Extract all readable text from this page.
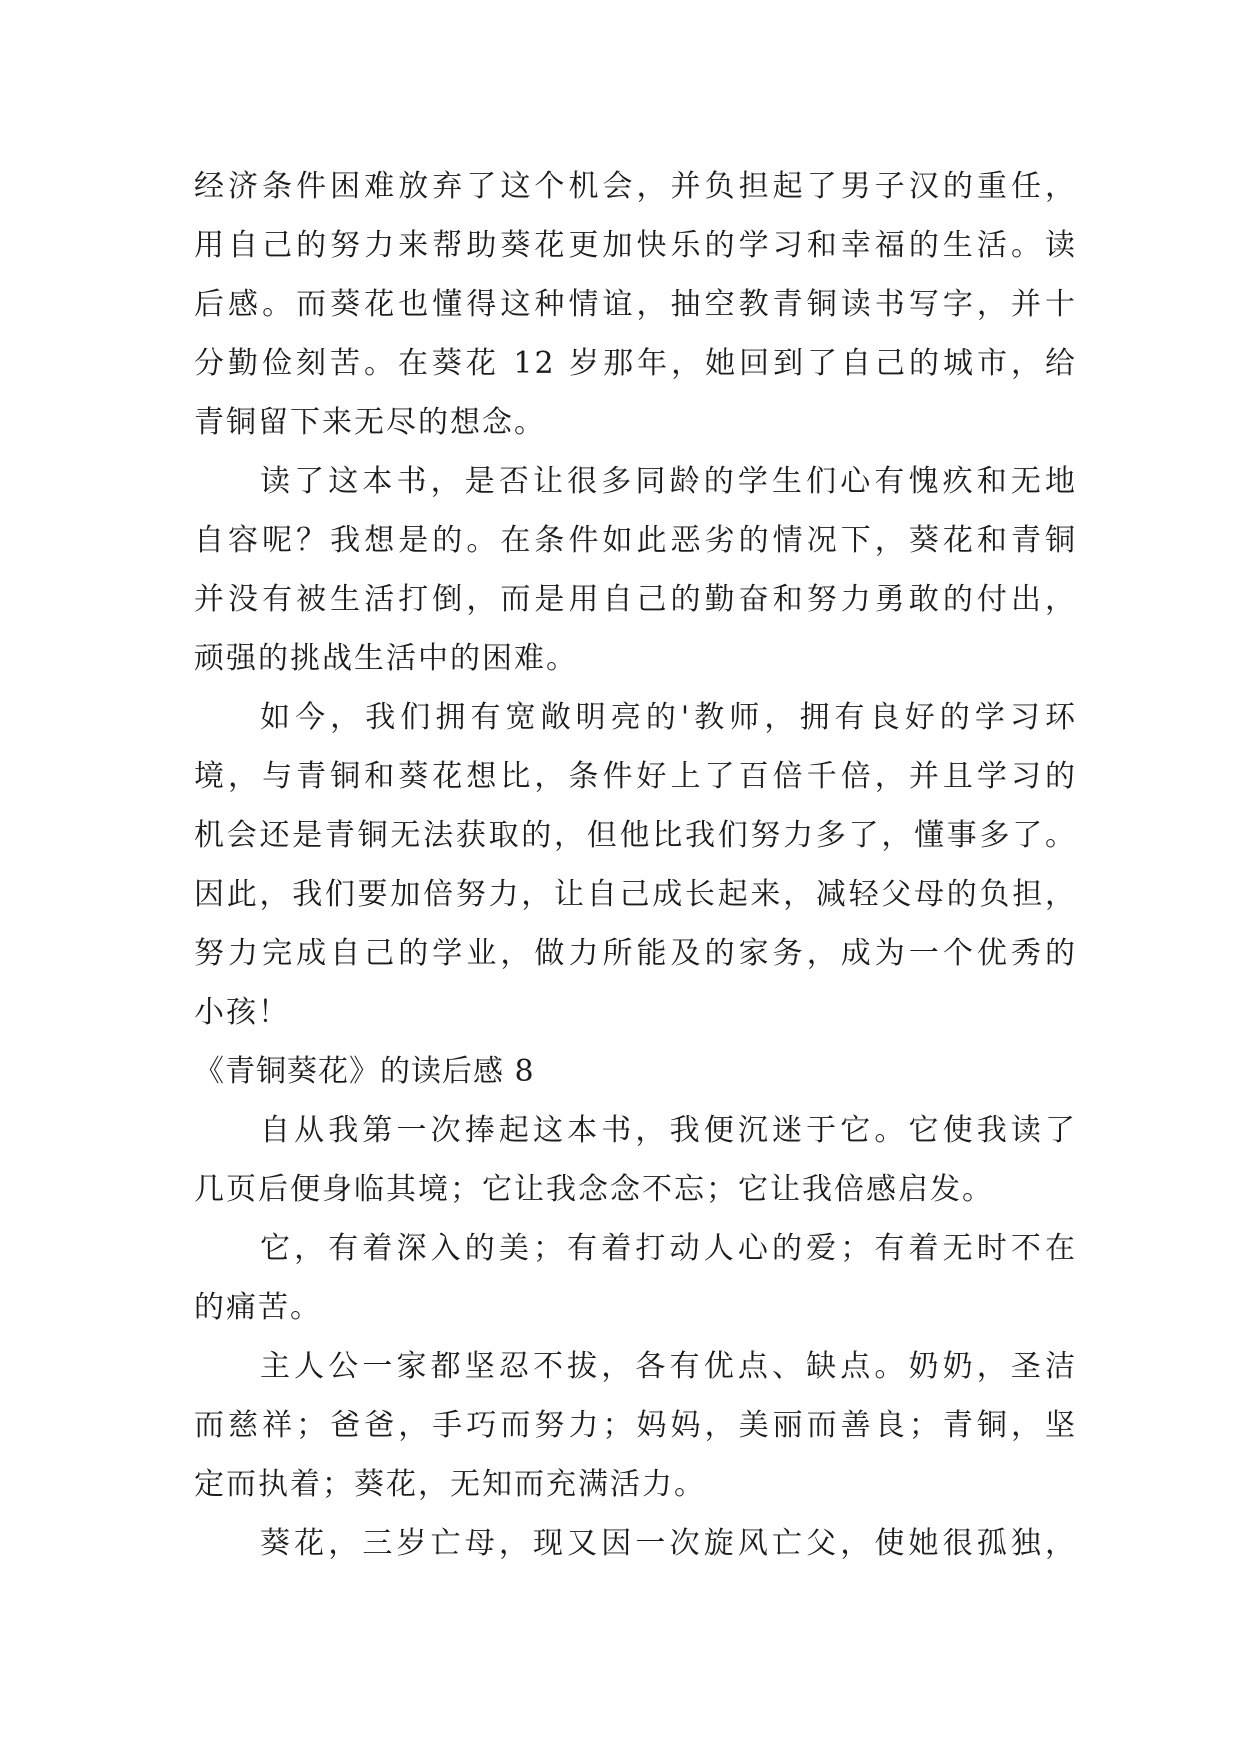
经济条件困难放弃了这个机会，并负担起了男子汉的重任，
用自己的努力来帮助葵花更加快乐的学习和幸福的生活。读
后感。而葵花也懂得这种情谊，抽空教青铜读书写字，并十
分勤俭刻苦。在葵花 12 岁那年，她回到了自己的城市，给
青铜留下来无尽的想念。
读了这本书，是否让很多同龄的学生们心有愧疚和无地
自容呢？我想是的。在条件如此恶劣的情况下，葵花和青铜
并没有被生活打倒，而是用自己的勤奋和努力勇敢的付出，
顽强的挑战生活中的困难。
如今，我们拥有宽敞明亮的'教师，拥有良好的学习环
境，与青铜和葵花想比，条件好上了百倍千倍，并且学习的
机会还是青铜无法获取的，但他比我们努力多了，懂事多了。
因此，我们要加倍努力，让自己成长起来，减轻父母的负担，
努力完成自己的学业，做力所能及的家务，成为一个优秀的
小孩！
《青铜葵花》的读后感 8
自从我第一次捧起这本书，我便沉迷于它。它使我读了
几页后便身临其境；它让我念念不忘；它让我倍感启发。
它，有着深入的美；有着打动人心的爱；有着无时不在
的痛苦。
主人公一家都坚忍不拔，各有优点、缺点。奶奶，圣洁
而慈祥；爸爸，手巧而努力；妈妈，美丽而善良；青铜，坚
定而执着；葵花，无知而充满活力。
葵花，三岁亡母，现又因一次旋风亡父，使她很孤独，
